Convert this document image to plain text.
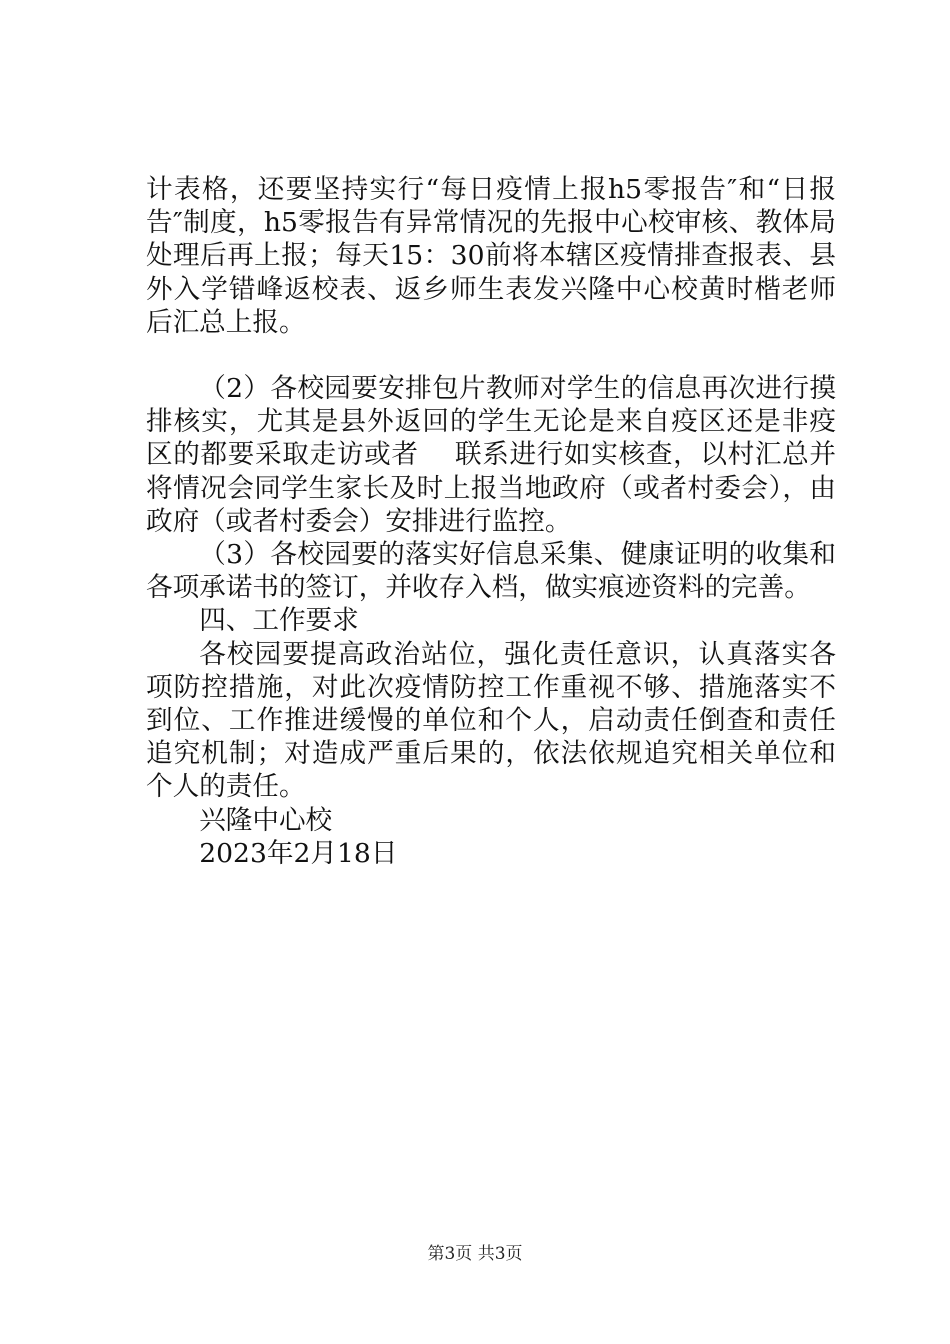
计表格，还要坚持实行“每日疫情上报h5零报告″和“日报告″制度，h5零报告有异常情况的先报中心校审核、教体局处理后再上报；每天15：30前将本辖区疫情排查报表、县外入学错峰返校表、返乡师生表发兴隆中心校黄时楷老师后汇总上报。

（2）各校园要安排包片教师对学生的信息再次进行摸排核实，尤其是县外返回的学生无论是来自疫区还是非疫区的都要采取走访或者　 联系进行如实核查，以村汇总并将情况会同学生家长及时上报当地政府（或者村委会），由政府（或者村委会）安排进行监控。

（3）各校园要的落实好信息采集、健康证明的收集和各项承诺书的签订，并收存入档，做实痕迹资料的完善。

四、工作要求

各校园要提高政治站位，强化责任意识，认真落实各项防控措施，对此次疫情防控工作重视不够、措施落实不到位、工作推进缓慢的单位和个人，启动责任倒查和责任追究机制；对造成严重后果的，依法依规追究相关单位和个人的责任。

兴隆中心校

2023年2月18日

第3页 共3页
